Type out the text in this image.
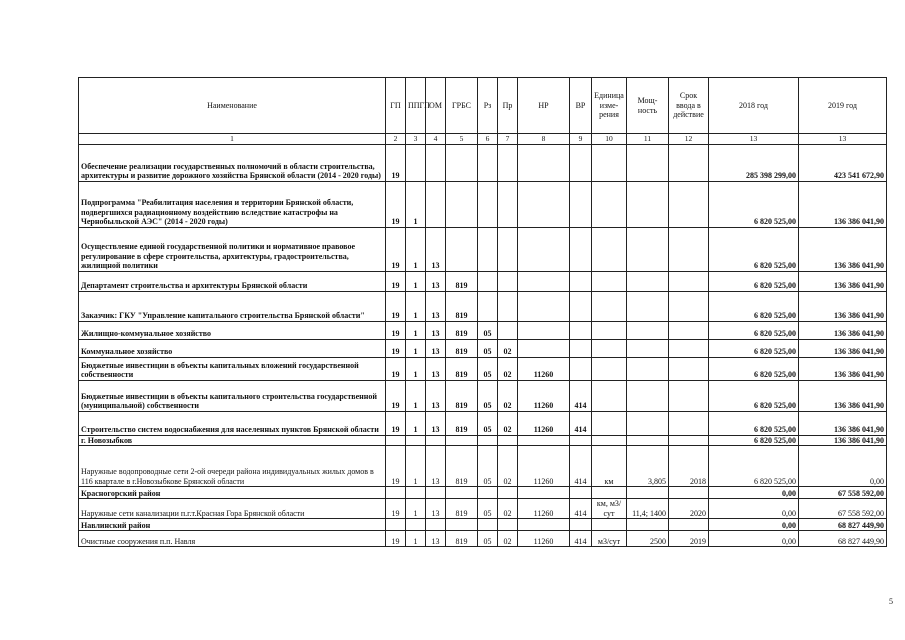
Наименование	ГП	ППГП	ОМ	ГРБС	Рз	Пр	НР	ВР	Единица изме-рения	Мощ-ность	Срок ввода в действие	2018 год	2019 год
1	2	3	4	5	6	7	8	9	10	11	12	13	13
Обеспечение реализации государственных полномочий в области строительства, архитектуры и развитие дорожного хозяйства Брянской области (2014 - 2020 годы)	19											285 398 299,00	423 541 672,90
Подпрограмма "Реабилитация населения и территории Брянской области, подвергшихся радиационному воздействию вследствие катастрофы на Чернобыльской АЭС" (2014 - 2020 годы)	19	1										6 820 525,00	136 386 041,90
Осуществление единой государственной политики и нормативное правовое регулирование в сфере строительства, архитектуры, градостроительства, жилищной политики	19	1	13									6 820 525,00	136 386 041,90
Департамент строительства и архитектуры Брянской области	19	1	13	819								6 820 525,00	136 386 041,90
Заказчик: ГКУ "Управление капитального строительства Брянской области"	19	1	13	819								6 820 525,00	136 386 041,90
Жилищно-коммунальное хозяйство	19	1	13	819	05							6 820 525,00	136 386 041,90
Коммунальное хозяйство	19	1	13	819	05	02						6 820 525,00	136 386 041,90
Бюджетные инвестиции в объекты капитальных вложений государственной собственности	19	1	13	819	05	02	11260					6 820 525,00	136 386 041,90
Бюджетные инвестиции в объекты капитального строительства государственной (муниципальной) собственности	19	1	13	819	05	02	11260	414				6 820 525,00	136 386 041,90
Строительство систем водоснабжения для населенных пунктов Брянской области	19	1	13	819	05	02	11260	414				6 820 525,00	136 386 041,90
г. Новозыбков												6 820 525,00	136 386 041,90
Наружные водопроводные сети 2-ой очереди района индивидуальных жилых домов в 116 квартале в г.Новозыбкове Брянской области	19	1	13	819	05	02	11260	414	км	3,805	2018	6 820 525,00	0,00
Красногорский район												0,00	67 558 592,00
Наружные сети канализации п.г.т.Красная Гора Брянской области	19	1	13	819	05	02	11260	414	км, м3/сут	11,4; 1400	2020	0,00	67 558 592,00
Навлинский район												0,00	68 827 449,90
Очистные сооружения п.п. Навля	19	1	13	819	05	02	11260	414	м3/сут	2500	2019	0,00	68 827 449,90
5
